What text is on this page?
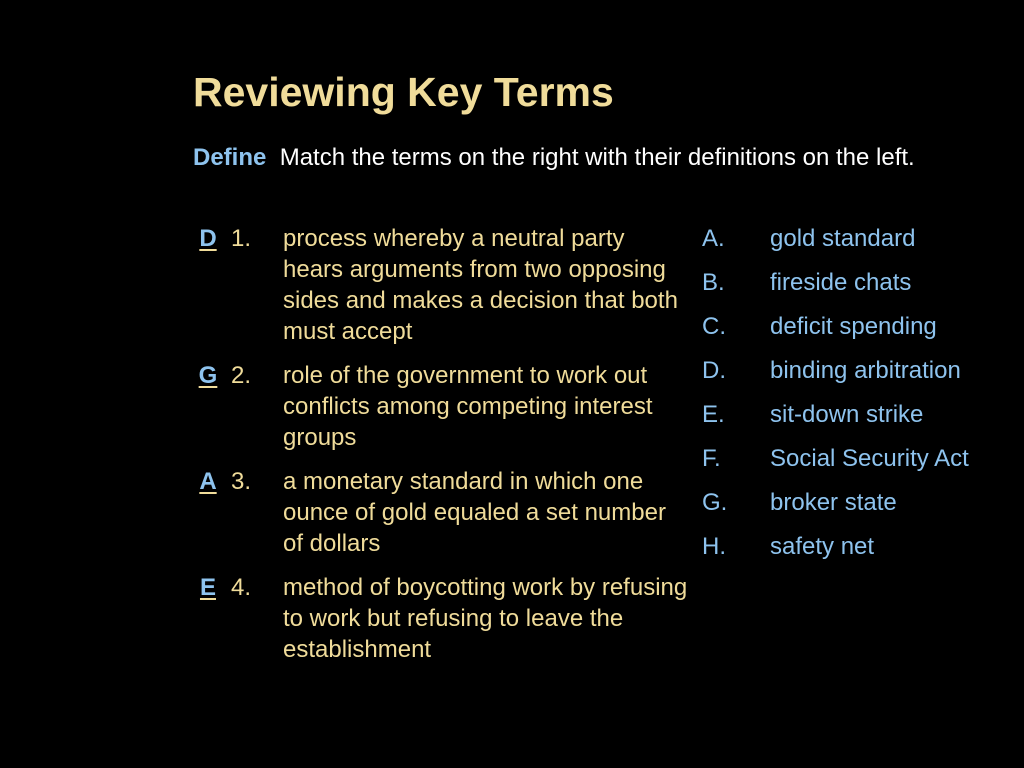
Reviewing Key Terms
Define Match the terms on the right with their definitions on the left.
D 1.	process whereby a neutral party hears arguments from two opposing sides and makes a decision that both must accept
G 2.	role of the government to work out conflicts among competing interest groups
A 3.	a monetary standard in which one ounce of gold equaled a set number of dollars
E 4.	method of boycotting work by refusing to work but refusing to leave the establishment
A.	gold standard
B.	fireside chats
C.	deficit spending
D.	binding arbitration
E.	sit-down strike
F.	Social Security Act
G.	broker state
H.	safety net
